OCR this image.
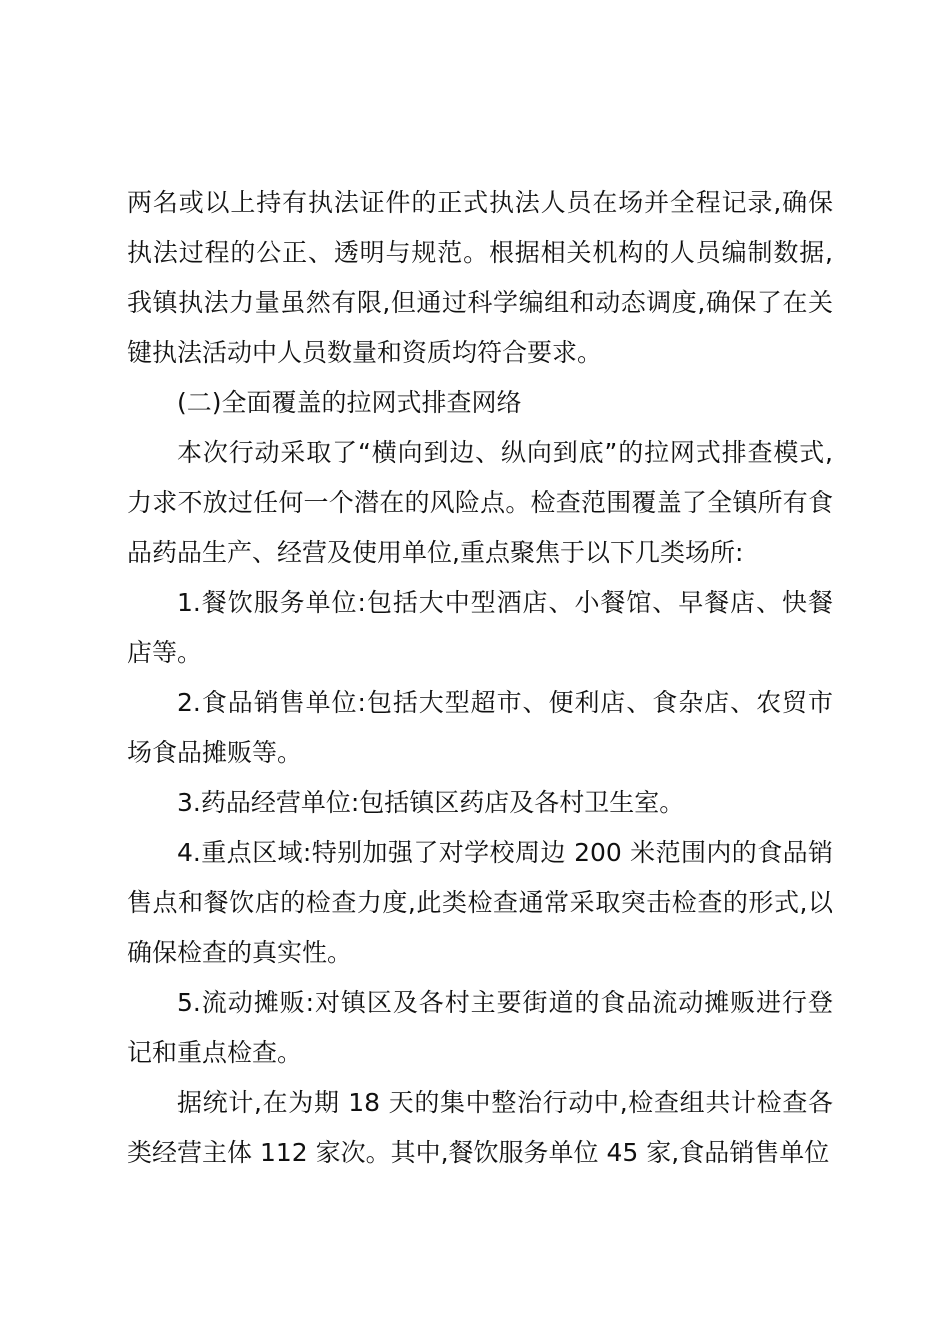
两名或以上持有执法证件的正式执法人员在场并全程记录,确保执法过程的公正、透明与规范。根据相关机构的人员编制数据,我镇执法力量虽然有限,但通过科学编组和动态调度,确保了在关键执法活动中人员数量和资质均符合要求。

(二)全面覆盖的拉网式排查网络

本次行动采取了“横向到边、纵向到底”的拉网式排查模式,力求不放过任何一个潜在的风险点。检查范围覆盖了全镇所有食品药品生产、经营及使用单位,重点聚焦于以下几类场所:

1.餐饮服务单位:包括大中型酒店、小餐馆、早餐店、快餐店等。

2.食品销售单位:包括大型超市、便利店、食杂店、农贸市场食品摊贩等。

3.药品经营单位:包括镇区药店及各村卫生室。

4.重点区域:特别加强了对学校周边 200 米范围内的食品销售点和餐饮店的检查力度,此类检查通常采取突击检查的形式,以确保检查的真实性。

5.流动摊贩:对镇区及各村主要街道的食品流动摊贩进行登记和重点检查。

据统计,在为期 18 天的集中整治行动中,检查组共计检查各类经营主体 112 家次。其中,餐饮服务单位 45 家,食品销售单位
